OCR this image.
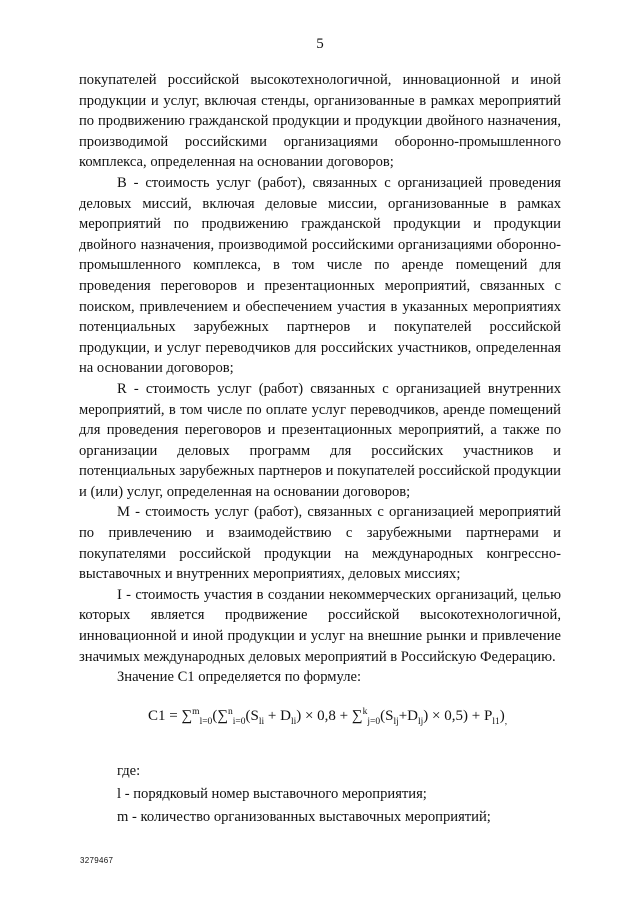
5

покупателей российской высокотехнологичной, инновационной и иной продукции и услуг, включая стенды, организованные в рамках мероприятий по продвижению гражданской продукции и продукции двойного назначения, производимой российскими организациями оборонно-промышленного комплекса, определенная на основании договоров;

B - стоимость услуг (работ), связанных с организацией проведения деловых миссий, включая деловые миссии, организованные в рамках мероприятий по продвижению гражданской продукции и продукции двойного назначения, производимой российскими организациями оборонно-промышленного комплекса, в том числе по аренде помещений для проведения переговоров и презентационных мероприятий, связанных с поиском, привлечением и обеспечением участия в указанных мероприятиях потенциальных зарубежных партнеров и покупателей российской продукции, и услуг переводчиков для российских участников, определенная на основании договоров;

R - стоимость услуг (работ) связанных с организацией внутренних мероприятий, в том числе по оплате услуг переводчиков, аренде помещений для проведения переговоров и презентационных мероприятий, а также по организации деловых программ для российских участников и потенциальных зарубежных партнеров и покупателей российской продукции и (или) услуг, определенная на основании договоров;

M - стоимость услуг (работ), связанных с организацией мероприятий по привлечению и взаимодействию с зарубежными партнерами и покупателями российской продукции на международных конгрессно-выставочных и внутренних мероприятиях, деловых миссиях;

I - стоимость участия в создании некоммерческих организаций, целью которых является продвижение российской высокотехнологичной, инновационной и иной продукции и услуг на внешние рынки и привлечение значимых международных деловых мероприятий в Российскую Федерацию.

Значение C1 определяется по формуле:

$C1 = \sum^m_{l=0}(\sum^n_{i=0}(S_{li} + D_{li}) \times 0,8 + \sum^k_{j=0}(S_{lj}+D_{lj}) \times 0,5) + P_{l1})_,$

где:

l - порядковый номер выставочного мероприятия;

m - количество организованных выставочных мероприятий;

3279467
